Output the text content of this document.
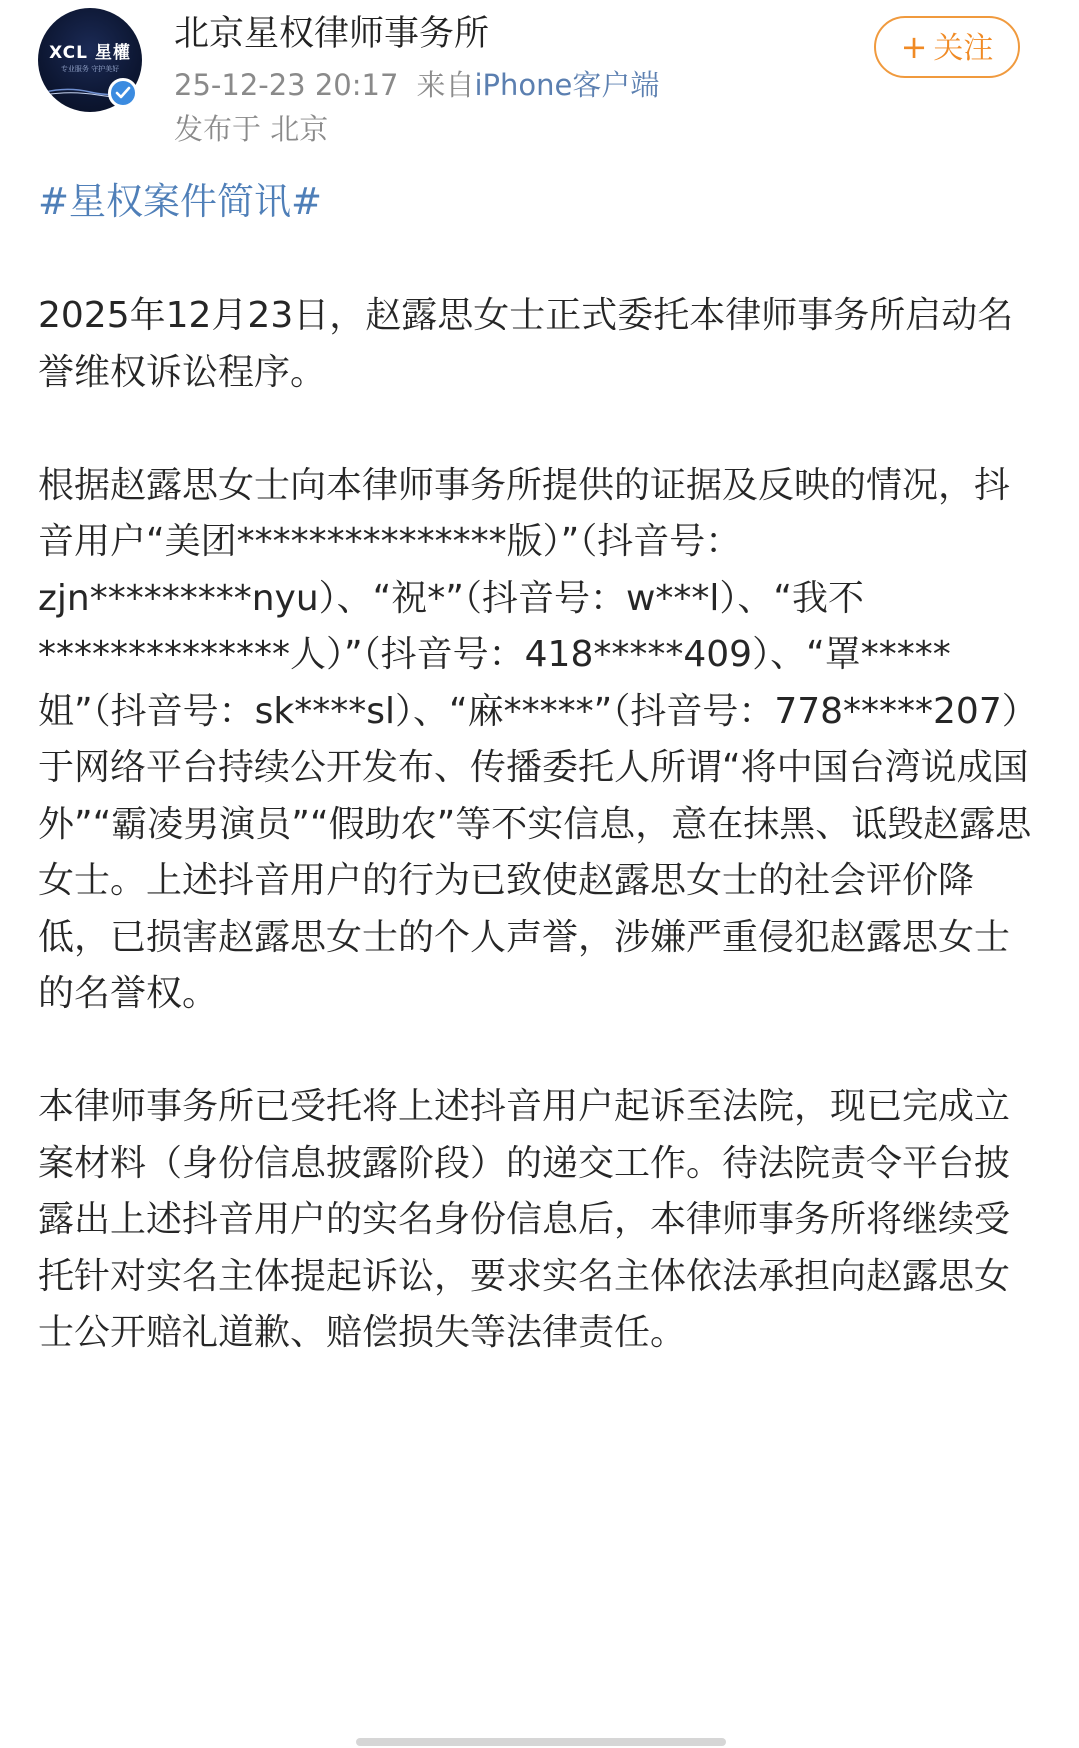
XCL 星權
专业服务 守护美好
北京星权律师事务所
25-12-23 20:17 来自iPhone客户端
发布于 北京
+ 关注
#星权案件简讯#

2025年12月23日，赵露思女士正式委托本律师事务所启动名誉维权诉讼程序。

根据赵露思女士向本律师事务所提供的证据及反映的情况，抖音用户“美团***************版）”（抖音号：zjn*********nyu）、“祝*”（抖音号：w***l）、“我不**************人）”（抖音号：418*****409）、“罩*****姐”（抖音号：sk****sl）、“麻*****”（抖音号：778*****207）于网络平台持续公开发布、传播委托人所谓“将中国台湾说成国外”“霸凌男演员”“假助农”等不实信息，意在抹黑、诋毁赵露思女士。上述抖音用户的行为已致使赵露思女士的社会评价降低，已损害赵露思女士的个人声誉，涉嫌严重侵犯赵露思女士的名誉权。

本律师事务所已受托将上述抖音用户起诉至法院，现已完成立案材料（身份信息披露阶段）的递交工作。待法院责令平台披露出上述抖音用户的实名身份信息后，本律师事务所将继续受托针对实名主体提起诉讼，要求实名主体依法承担向赵露思女士公开赔礼道歉、赔偿损失等法律责任。
